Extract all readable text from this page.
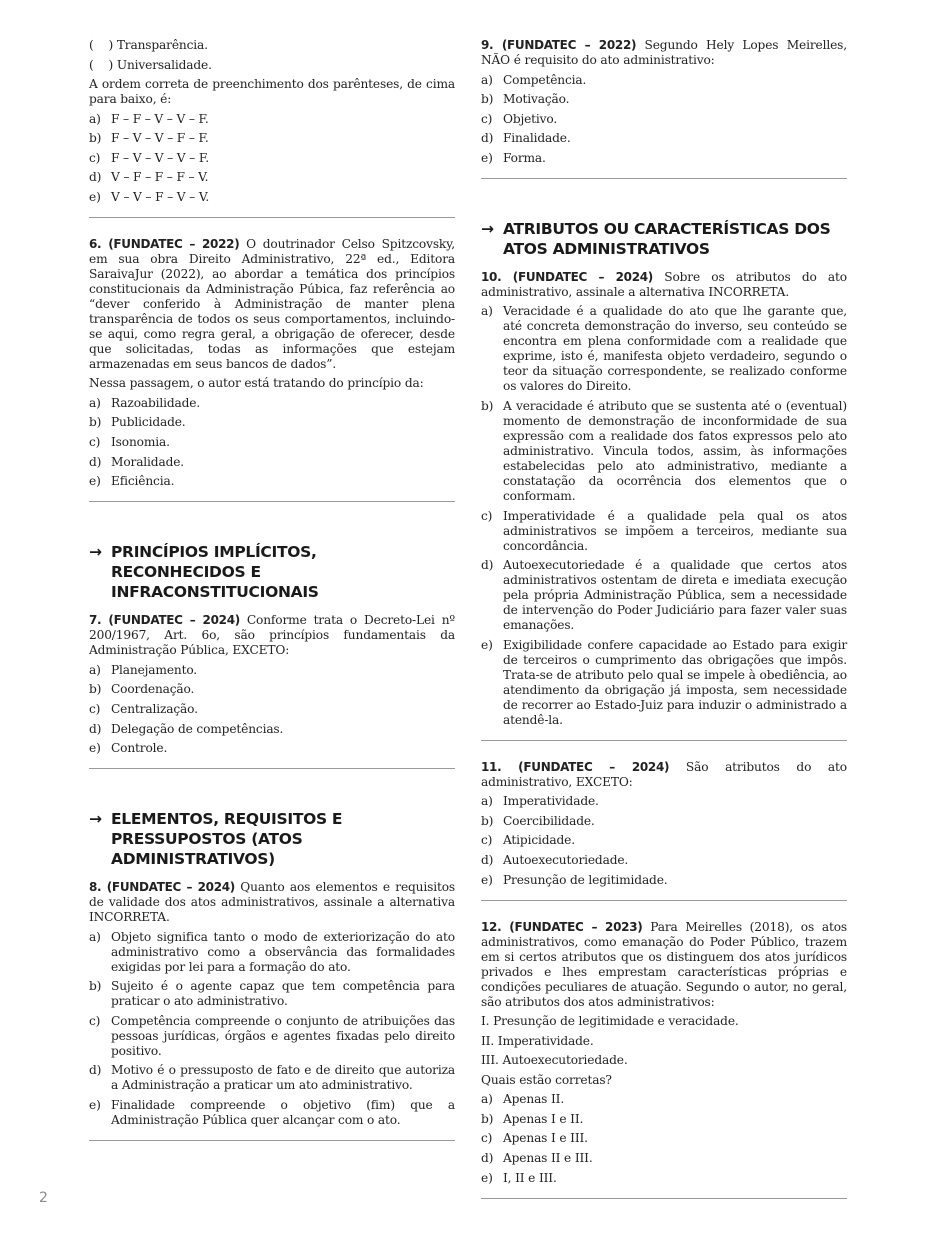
(    ) Transparência.

(    ) Universalidade.

A ordem correta de preenchimento dos parênteses, de cima para baixo, é:

a) F – F – V – V – F.
b) F – V – V – F – F.
c) F – V – V – V – F.
d) V – F – F – F – V.
e) V – V – F – V – V.

6. (FUNDATEC – 2022) O doutrinador Celso Spitzcovsky, em sua obra Direito Administrativo, 22ª ed., Editora SaraivaJur (2022), ao abordar a temática dos princípios constitucionais da Administração Púbica, faz referência ao “dever conferido à Administração de manter plena transparência de todos os seus comportamentos, incluindo-se aqui, como regra geral, a obrigação de oferecer, desde que solicitadas, todas as informações que estejam armazenadas em seus bancos de dados”.

Nessa passagem, o autor está tratando do princípio da:

a) Razoabilidade.
b) Publicidade.
c) Isonomia.
d) Moralidade.
e) Eficiência.
→ PRINCÍPIOS IMPLÍCITOS, RECONHECIDOS E INFRACONSTITUCIONAIS

7. (FUNDATEC – 2024) Conforme trata o Decreto-Lei nº 200/1967, Art. 6o, são princípios fundamentais da Administração Pública, EXCETO:

a) Planejamento.
b) Coordenação.
c) Centralização.
d) Delegação de competências.
e) Controle.
→ ELEMENTOS, REQUISITOS E PRESSUPOSTOS (ATOS ADMINISTRATIVOS)

8. (FUNDATEC – 2024) Quanto aos elementos e requisitos de validade dos atos administrativos, assinale a alternativa INCORRETA.

a) Objeto significa tanto o modo de exteriorização do ato administrativo como a observância das formalidades exigidas por lei para a formação do ato.
b) Sujeito é o agente capaz que tem competência para praticar o ato administrativo.
c) Competência compreende o conjunto de atribuições das pessoas jurídicas, órgãos e agentes fixadas pelo direito positivo.
d) Motivo é o pressuposto de fato e de direito que autoriza a Administração a praticar um ato administrativo.
e) Finalidade compreende o objetivo (fim) que a Administração Pública quer alcançar com o ato.

9. (FUNDATEC – 2022) Segundo Hely Lopes Meirelles, NÃO é requisito do ato administrativo:

a) Competência.
b) Motivação.
c) Objetivo.
d) Finalidade.
e) Forma.
→ ATRIBUTOS OU CARACTERÍSTICAS DOS ATOS ADMINISTRATIVOS

10. (FUNDATEC – 2024) Sobre os atributos do ato administrativo, assinale a alternativa INCORRETA.

a) Veracidade é a qualidade do ato que lhe garante que, até concreta demonstração do inverso, seu conteúdo se encontra em plena conformidade com a realidade que exprime, isto é, manifesta objeto verdadeiro, segundo o teor da situação correspondente, se realizado conforme os valores do Direito.
b) A veracidade é atributo que se sustenta até o (eventual) momento de demonstração de inconformidade de sua expressão com a realidade dos fatos expressos pelo ato administrativo. Vincula todos, assim, às informações estabelecidas pelo ato administrativo, mediante a constatação da ocorrência dos elementos que o conformam.
c) Imperatividade é a qualidade pela qual os atos administrativos se impõem a terceiros, mediante sua concordância.
d) Autoexecutoriedade é a qualidade que certos atos administrativos ostentam de direta e imediata execução pela própria Administração Pública, sem a necessidade de intervenção do Poder Judiciário para fazer valer suas emanações.
e) Exigibilidade confere capacidade ao Estado para exigir de terceiros o cumprimento das obrigações que impôs. Trata-se de atributo pelo qual se impele à obediência, ao atendimento da obrigação já imposta, sem necessidade de recorrer ao Estado-Juiz para induzir o administrado a atendê-la.

11. (FUNDATEC – 2024) São atributos do ato administrativo, EXCETO:

a) Imperatividade.
b) Coercibilidade.
c) Atipicidade.
d) Autoexecutoriedade.
e) Presunção de legitimidade.

12. (FUNDATEC – 2023) Para Meirelles (2018), os atos administrativos, como emanação do Poder Público, trazem em si certos atributos que os distinguem dos atos jurídicos privados e lhes emprestam características próprias e condições peculiares de atuação. Segundo o autor, no geral, são atributos dos atos administrativos:

I. Presunção de legitimidade e veracidade.

II. Imperatividade.

III. Autoexecutoriedade.

Quais estão corretas?

a) Apenas II.
b) Apenas I e II.
c) Apenas I e III.
d) Apenas II e III.
e) I, II e III.
2
